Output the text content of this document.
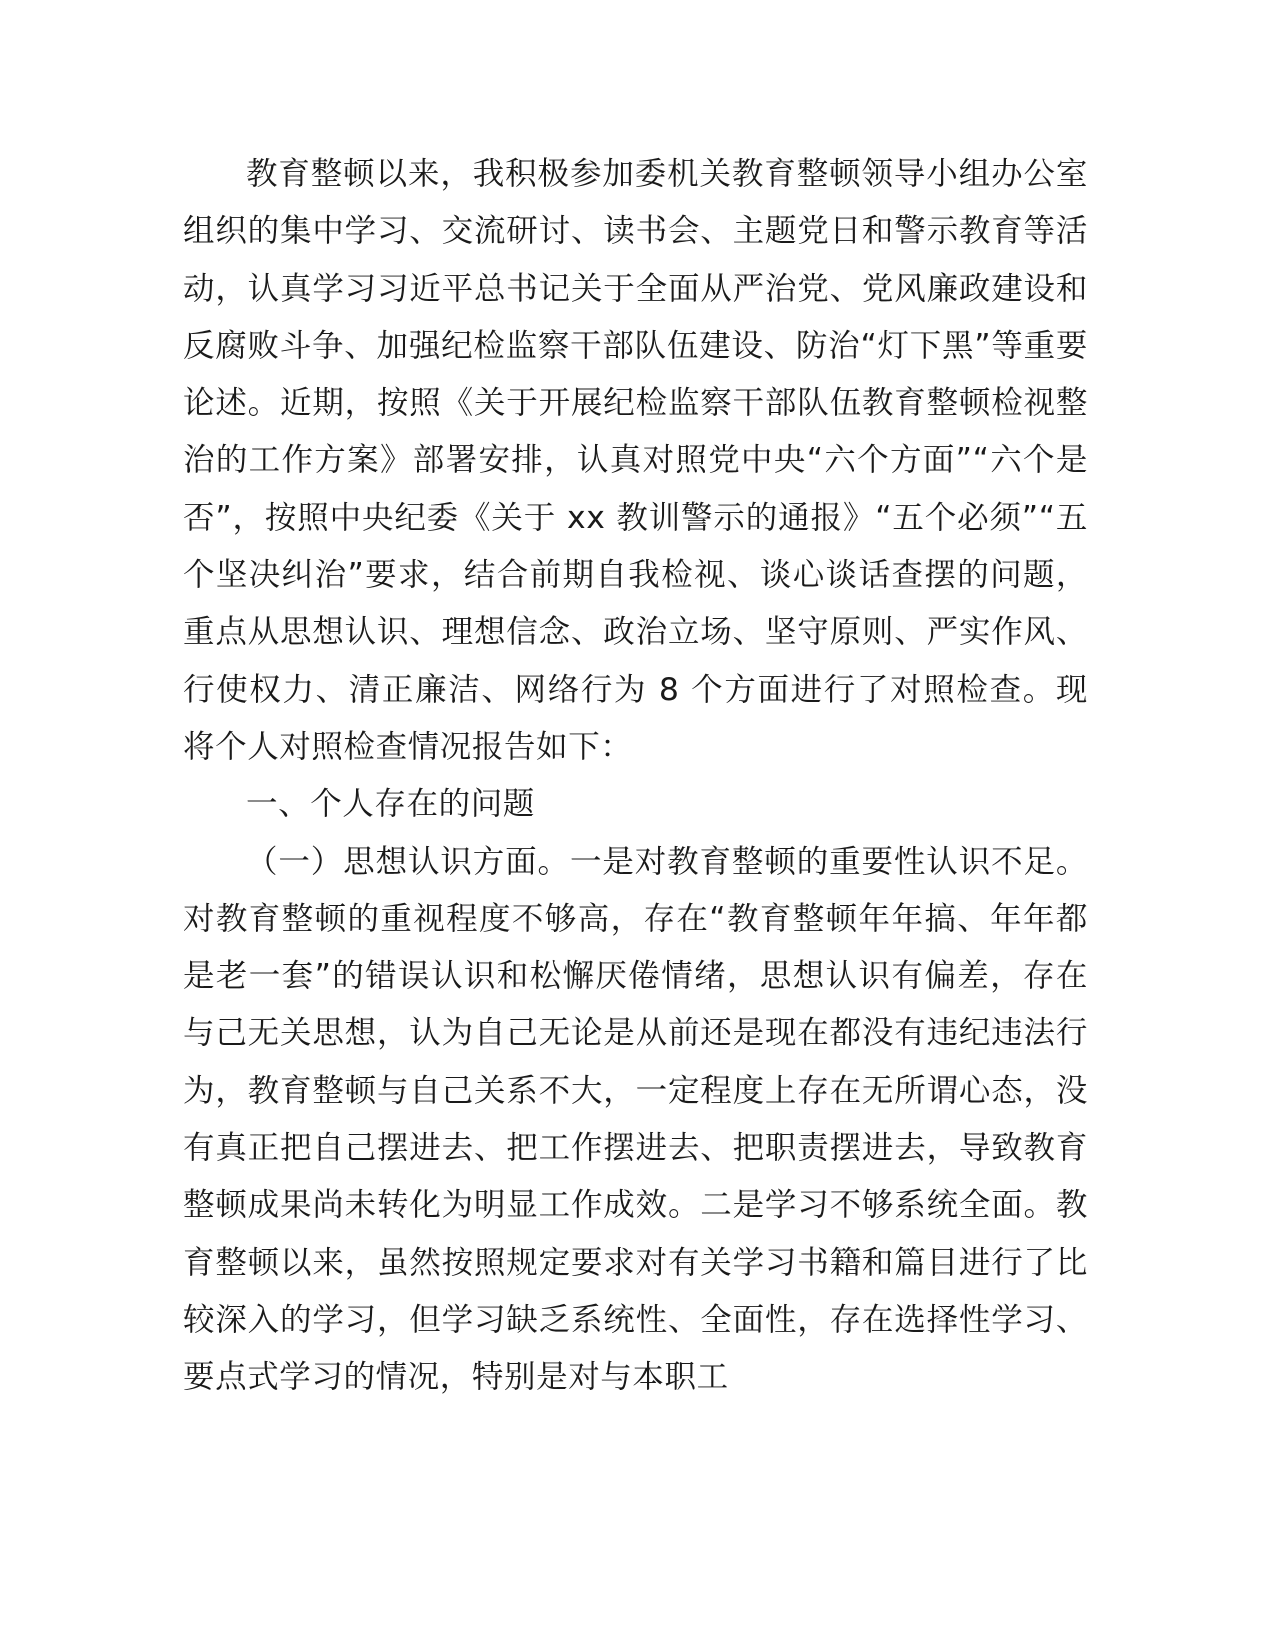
教育整顿以来，我积极参加委机关教育整顿领导小组办公室组织的集中学习、交流研讨、读书会、主题党日和警示教育等活动，认真学习习近平总书记关于全面从严治党、党风廉政建设和反腐败斗争、加强纪检监察干部队伍建设、防治“灯下黑”等重要论述。近期，按照《关于开展纪检监察干部队伍教育整顿检视整治的工作方案》部署安排，认真对照党中央“六个方面”“六个是否”，按照中央纪委《关于 xx 教训警示的通报》“五个必须”“五个坚决纠治”要求，结合前期自我检视、谈心谈话查摆的问题，重点从思想认识、理想信念、政治立场、坚守原则、严实作风、行使权力、清正廉洁、网络行为 8 个方面进行了对照检查。现将个人对照检查情况报告如下：

一、个人存在的问题

（一）思想认识方面。一是对教育整顿的重要性认识不足。对教育整顿的重视程度不够高，存在“教育整顿年年搞、年年都是老一套”的错误认识和松懈厌倦情绪，思想认识有偏差，存在与己无关思想，认为自己无论是从前还是现在都没有违纪违法行为，教育整顿与自己关系不大，一定程度上存在无所谓心态，没有真正把自己摆进去、把工作摆进去、把职责摆进去，导致教育整顿成果尚未转化为明显工作成效。二是学习不够系统全面。教育整顿以来，虽然按照规定要求对有关学习书籍和篇目进行了比较深入的学习，但学习缺乏系统性、全面性，存在选择性学习、要点式学习的情况，特别是对与本职工
